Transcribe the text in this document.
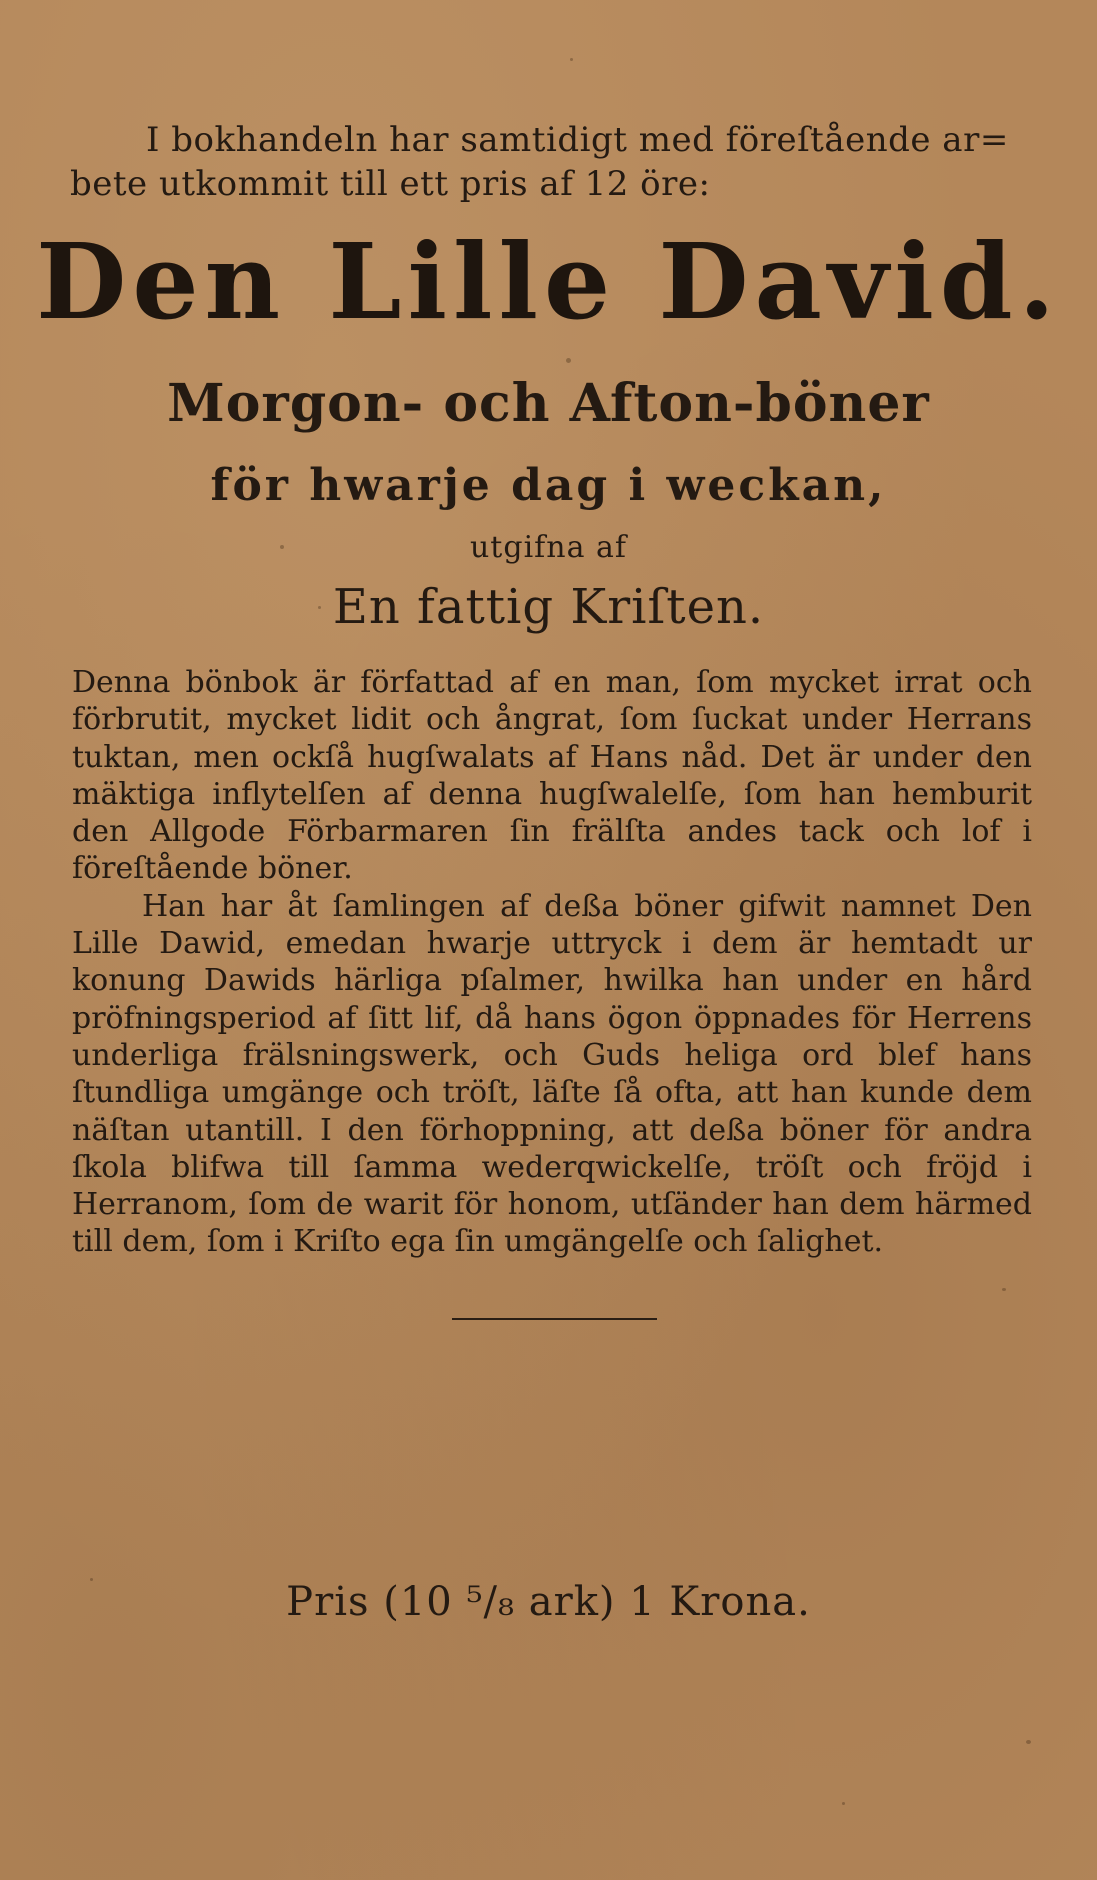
I bokhandeln har samtidigt med föreſtående ar=
bete utkommit till ett pris af 12 öre:
Den Lille David.
Morgon- och Afton-böner
för hwarje dag i weckan,
utgifna af
En fattig Kriſten.

Denna bönbok är författad af en man, ſom mycket irrat och förbrutit, mycket lidit och ångrat, ſom ſuckat under Herrans tuktan, men ockſå hugſwalats af Hans nåd. Det är under den mäktiga inflytelſen af denna hugſwalelſe, ſom han hemburit den Allgode Förbarmaren ſin frälſta andes tack och lof i föreſtående böner.

Han har åt ſamlingen af deßa böner gifwit namnet Den Lille Dawid, emedan hwarje uttryck i dem är hemtadt ur konung Dawids härliga pſalmer, hwilka han under en hård pröfningsperiod af ſitt lif, då hans ögon öppnades för Herrens underliga frälsningswerk, och Guds heliga ord blef hans ſtundliga umgänge och tröſt, läſte ſå ofta, att han kunde dem näſtan utantill. I den förhoppning, att deßa böner för andra ſkola blifwa till ſamma wederqwickelſe, tröſt och fröjd i Herranom, ſom de warit för honom, utſänder han dem härmed till dem, ſom i Kriſto ega ſin umgängelſe och ſalighet.

Pris (10 ⁵/₈ ark) 1 Krona.
